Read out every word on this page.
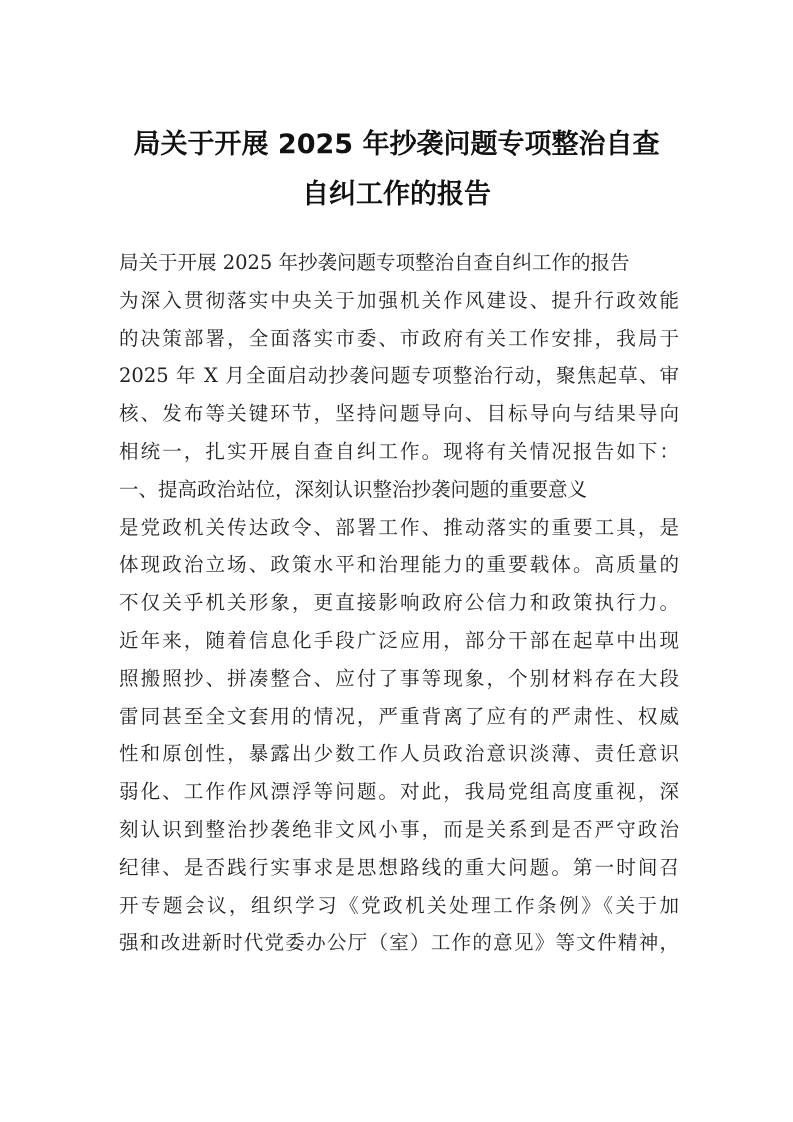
局关于开展 2025 年抄袭问题专项整治自查
自纠工作的报告
局关于开展 2025 年抄袭问题专项整治自查自纠工作的报告
为深入贯彻落实中央关于加强机关作风建设、提升行政效能
的决策部署，全面落实市委、市政府有关工作安排，我局于
2025 年 X 月全面启动抄袭问题专项整治行动，聚焦起草、审
核、发布等关键环节，坚持问题导向、目标导向与结果导向
相统一，扎实开展自查自纠工作。现将有关情况报告如下：
一、提高政治站位，深刻认识整治抄袭问题的重要意义
是党政机关传达政令、部署工作、推动落实的重要工具，是
体现政治立场、政策水平和治理能力的重要载体。高质量的
不仅关乎机关形象，更直接影响政府公信力和政策执行力。
近年来，随着信息化手段广泛应用，部分干部在起草中出现
照搬照抄、拼凑整合、应付了事等现象，个别材料存在大段
雷同甚至全文套用的情况，严重背离了应有的严肃性、权威
性和原创性，暴露出少数工作人员政治意识淡薄、责任意识
弱化、工作作风漂浮等问题。对此，我局党组高度重视，深
刻认识到整治抄袭绝非文风小事，而是关系到是否严守政治
纪律、是否践行实事求是思想路线的重大问题。第一时间召
开专题会议，组织学习《党政机关处理工作条例》《关于加
强和改进新时代党委办公厅（室）工作的意见》等文件精神，
